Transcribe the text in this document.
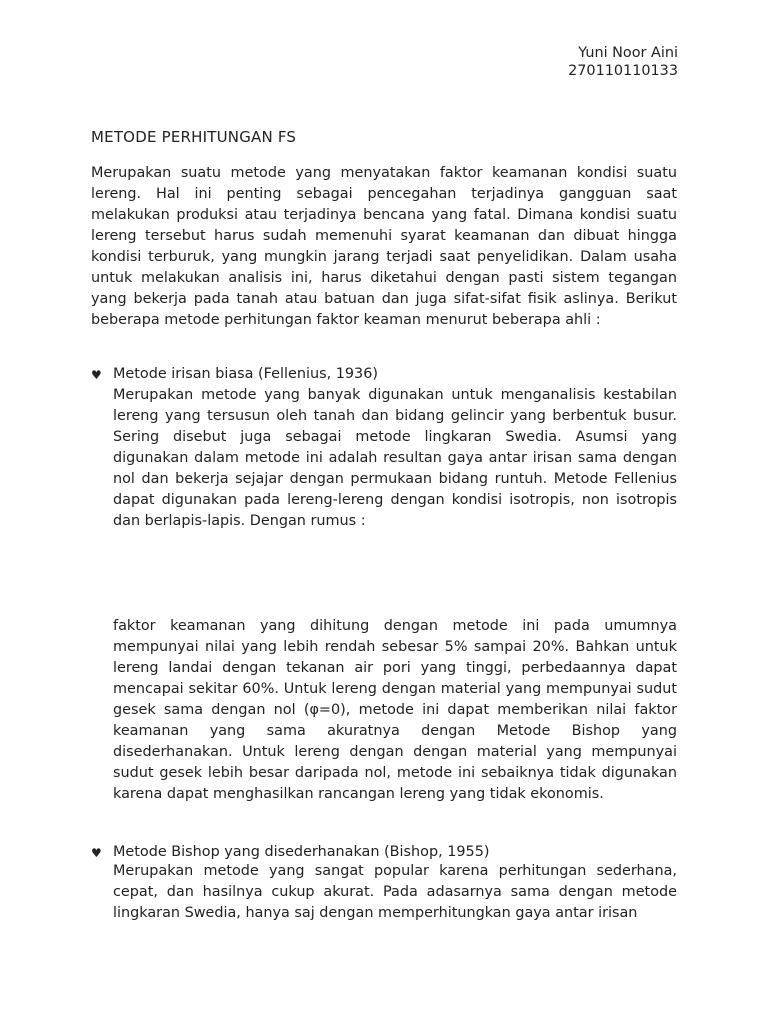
Yuni Noor Aini
270110110133
METODE PERHITUNGAN FS

Merupakan suatu metode yang menyatakan faktor keamanan kondisi suatu lereng. Hal ini penting sebagai pencegahan terjadinya gangguan saat melakukan produksi atau terjadinya bencana yang fatal. Dimana kondisi suatu lereng tersebut harus sudah memenuhi syarat keamanan dan dibuat hingga kondisi terburuk, yang mungkin jarang terjadi saat penyelidikan. Dalam usaha untuk melakukan analisis ini, harus diketahui dengan pasti sistem tegangan yang bekerja pada tanah atau batuan dan juga sifat-sifat fisik aslinya. Berikut beberapa metode perhitungan faktor keaman menurut beberapa ahli :

♥ Metode irisan biasa (Fellenius, 1936)

Merupakan metode yang banyak digunakan untuk menganalisis kestabilan lereng yang tersusun oleh tanah dan bidang gelincir yang berbentuk busur. Sering disebut juga sebagai metode lingkaran Swedia. Asumsi yang digunakan dalam metode ini adalah resultan gaya antar irisan sama dengan nol dan bekerja sejajar dengan permukaan bidang runtuh. Metode Fellenius dapat digunakan pada lereng-lereng dengan kondisi isotropis, non isotropis dan berlapis-lapis. Dengan rumus :

faktor keamanan yang dihitung dengan metode ini pada umumnya mempunyai nilai yang lebih rendah sebesar 5% sampai 20%. Bahkan untuk lereng landai dengan tekanan air pori yang tinggi, perbedaannya dapat mencapai sekitar 60%. Untuk lereng dengan material yang mempunyai sudut gesek sama dengan nol (φ=0), metode ini dapat memberikan nilai faktor keamanan yang sama akuratnya dengan Metode Bishop yang disederhanakan. Untuk lereng dengan dengan material yang mempunyai sudut gesek lebih besar daripada nol, metode ini sebaiknya tidak digunakan karena dapat menghasilkan rancangan lereng yang tidak ekonomis.

♥ Metode Bishop yang disederhanakan (Bishop, 1955)

Merupakan metode yang sangat popular karena perhitungan sederhana, cepat, dan hasilnya cukup akurat. Pada adasarnya sama dengan metode lingkaran Swedia, hanya saj dengan memperhitungkan gaya antar irisan
